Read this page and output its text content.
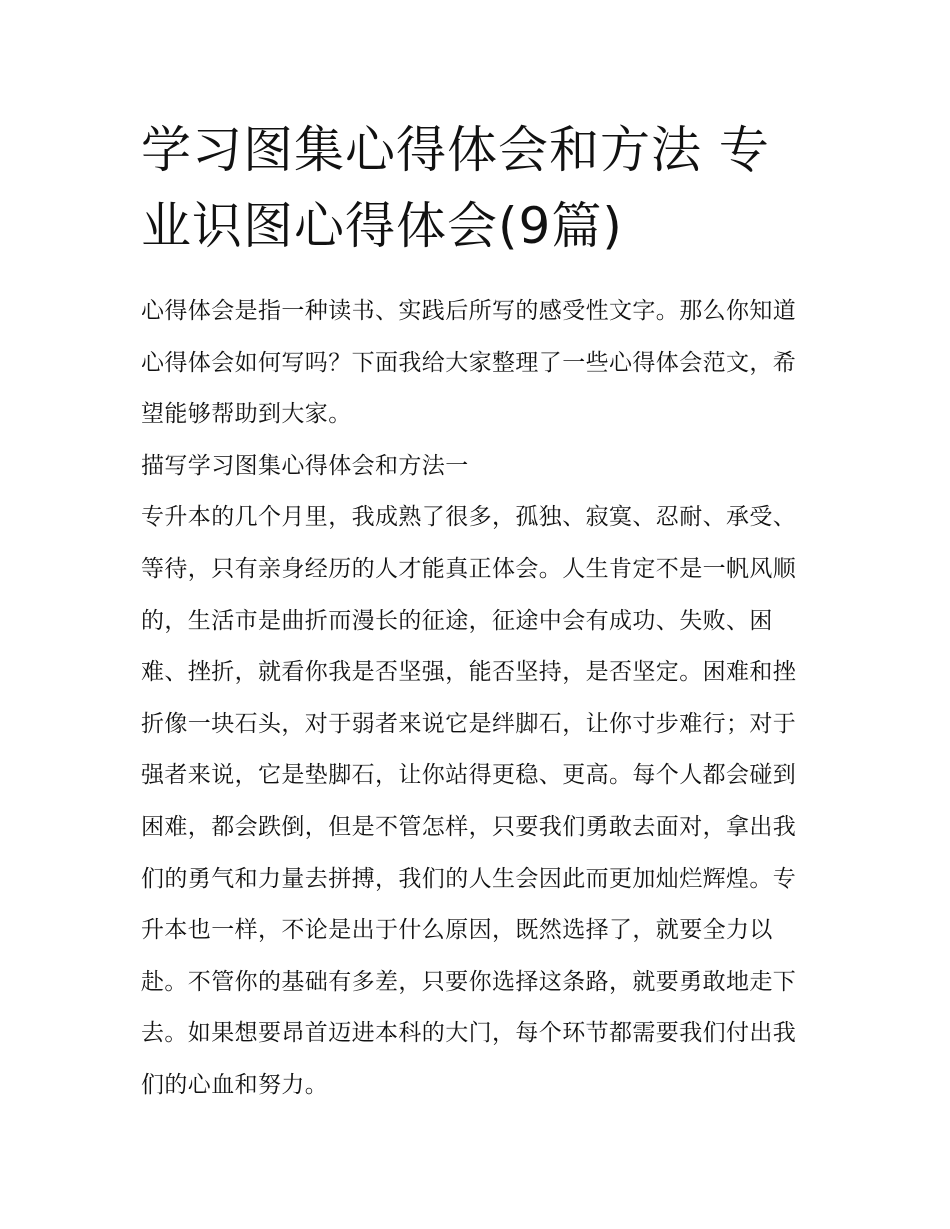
学习图集心得体会和方法 专业识图心得体会(9篇)

心得体会是指一种读书、实践后所写的感受性文字。那么你知道心得体会如何写吗？下面我给大家整理了一些心得体会范文，希望能够帮助到大家。

描写学习图集心得体会和方法一

专升本的几个月里，我成熟了很多，孤独、寂寞、忍耐、承受、等待，只有亲身经历的人才能真正体会。人生肯定不是一帆风顺的，生活市是曲折而漫长的征途，征途中会有成功、失败、困难、挫折，就看你我是否坚强，能否坚持，是否坚定。困难和挫折像一块石头，对于弱者来说它是绊脚石，让你寸步难行；对于强者来说，它是垫脚石，让你站得更稳、更高。每个人都会碰到困难，都会跌倒，但是不管怎样，只要我们勇敢去面对，拿出我们的勇气和力量去拼搏，我们的人生会因此而更加灿烂辉煌。专升本也一样，不论是出于什么原因，既然选择了，就要全力以赴。不管你的基础有多差，只要你选择这条路，就要勇敢地走下去。如果想要昂首迈进本科的大门，每个环节都需要我们付出我们的心血和努力。
